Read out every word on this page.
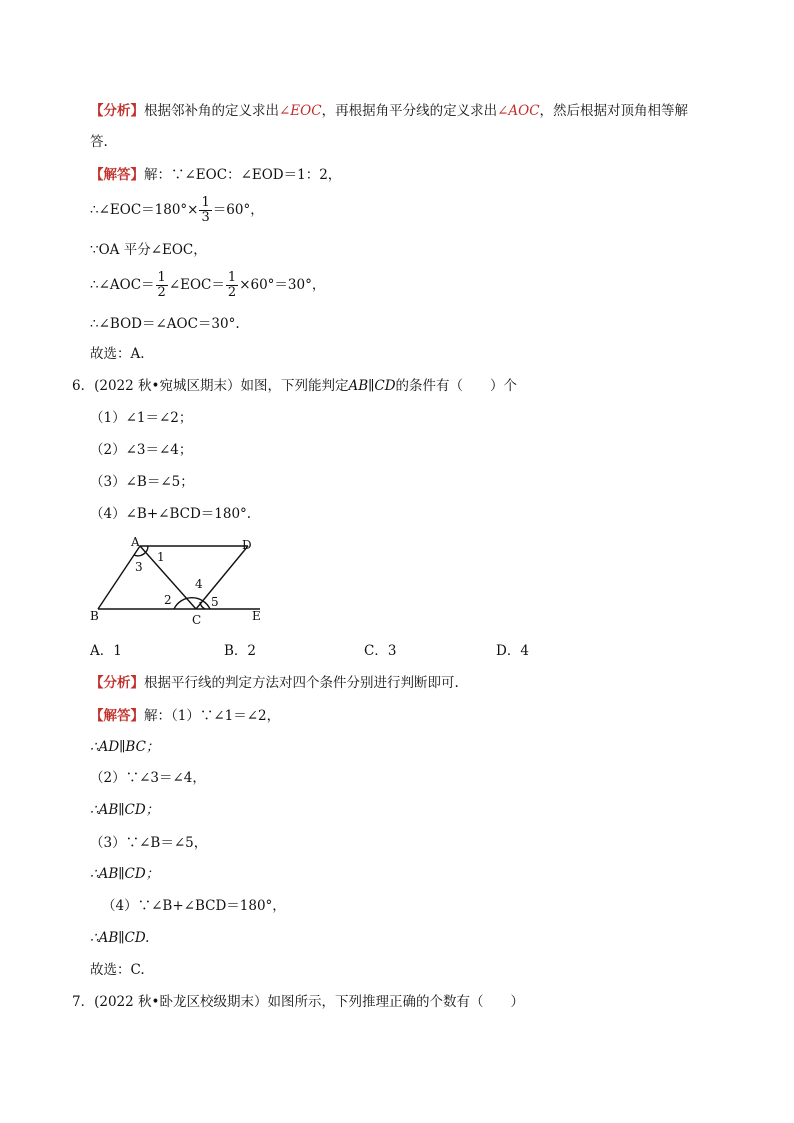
【分析】根据邻补角的定义求出∠EOC，再根据角平分线的定义求出∠AOC，然后根据对顶角相等解
答.
【解答】解：∵∠EOC：∠EOD＝1：2，
∴∠EOC＝180°× $\frac{1}{3} =60^\circ$，
∵OA 平分∠EOC，
∴∠AOC＝ $\frac{1}{2}$ ∠EOC＝ $\frac{1}{2} \times 60^\circ=30^\circ$，
∴∠BOD＝∠AOC＝30°.
故选：A.
6．(2022 秋•宛城区期末）如图，下列能判定AB∥CD的条件有（　　）个
（1）∠1＝∠2；
（2）∠3＝∠4；
（3）∠B＝∠5；
（4）∠B+∠BCD＝180°.
A	D
B	C	E
1
3
2
4
5
A．1	B．2	C．3	D．4
【分析】根据平行线的判定方法对四个条件分别进行判断即可.
【解答】解：（1）∵∠1＝∠2，
∴AD∥BC；
（2）∵∠3＝∠4，
∴AB∥CD；
（3）∵∠B＝∠5，
∴AB∥CD；
（4）∵∠B+∠BCD＝180°，
∴AB∥CD.
故选：C.
7．(2022 秋•卧龙区校级期末）如图所示，下列推理正确的个数有（　　）
